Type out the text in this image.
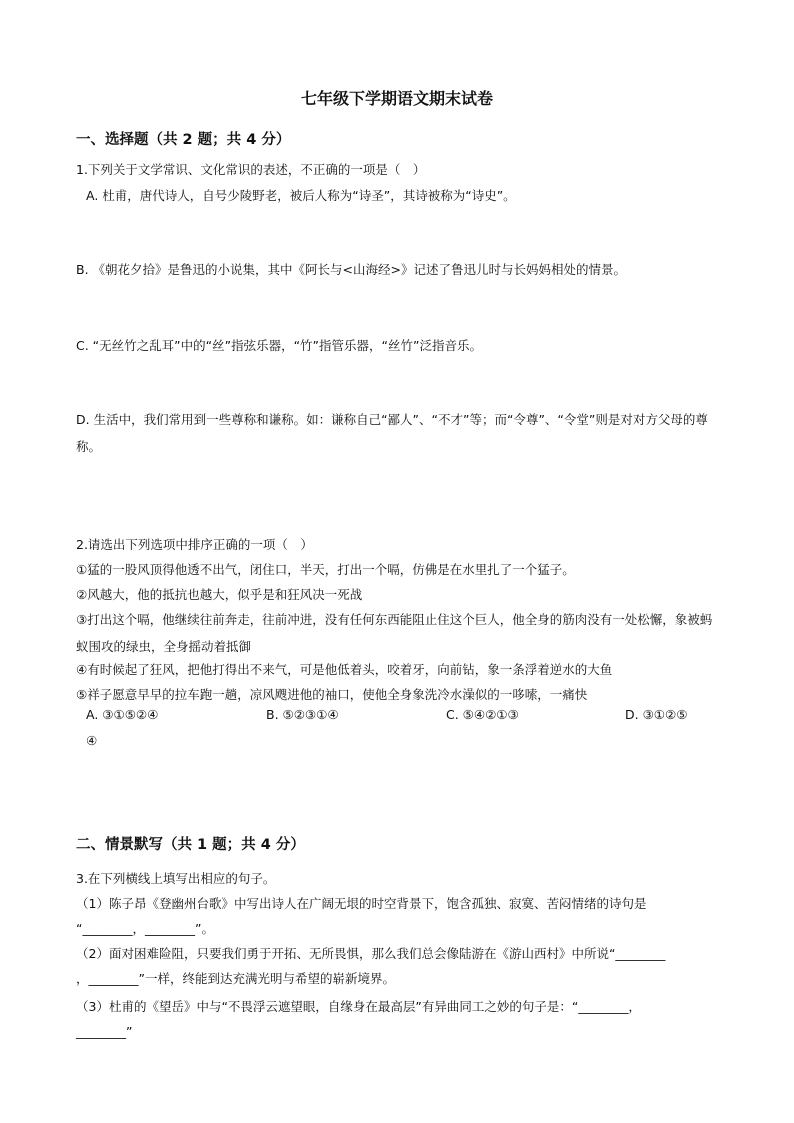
七年级下学期语文期末试卷
一、选择题（共 2 题；共 4 分）
1.下列关于文学常识、文化常识的表述，不正确的一项是（　）
A. 杜甫，唐代诗人，自号少陵野老，被后人称为“诗圣”，其诗被称为“诗史”。
B. 《朝花夕拾》是鲁迅的小说集，其中《阿长与<山海经>》记述了鲁迅儿时与长妈妈相处的情景。
C. “无丝竹之乱耳”中的“丝”指弦乐器，“竹”指管乐器，“丝竹”泛指音乐。
D. 生活中，我们常用到一些尊称和谦称。如：谦称自己“鄙人”、“不才”等；而“令尊”、“令堂”则是对对方父母的尊称。
2.请选出下列选项中排序正确的一项（　）
①猛的一股风顶得他透不出气，闭住口，半天，打出一个嗝，仿佛是在水里扎了一个猛子。
②风越大，他的抵抗也越大，似乎是和狂风决一死战
③打出这个嗝，他继续往前奔走，往前冲进，没有任何东西能阻止住这个巨人，他全身的筋肉没有一处松懈，象被蚂蚁围攻的绿虫，全身摇动着抵御
④有时候起了狂风，把他打得出不来气，可是他低着头，咬着牙，向前钻，象一条浮着逆水的大鱼
⑤祥子愿意早早的拉车跑一趟，凉风飕进他的袖口，使他全身象洗冷水澡似的一哆嗦，一痛快
A. ③①⑤②④	B. ⑤②③①④	C. ⑤④②①③	D. ③①②⑤
④
二、情景默写（共 1 题；共 4 分）
3.在下列横线上填写出相应的句子。
（1）陈子昂《登幽州台歌》中写出诗人在广阔无垠的时空背景下，饱含孤独、寂寞、苦闷情绪的诗句是
“________，________”。
（2）面对困难险阻，只要我们勇于开拓、无所畏惧，那么我们总会像陆游在《游山西村》中所说“________
，________”一样，终能到达充满光明与希望的崭新境界。
（3）杜甫的《望岳》中与“不畏浮云遮望眼，自缘身在最高层”有异曲同工之妙的句子是：“________，
________”
